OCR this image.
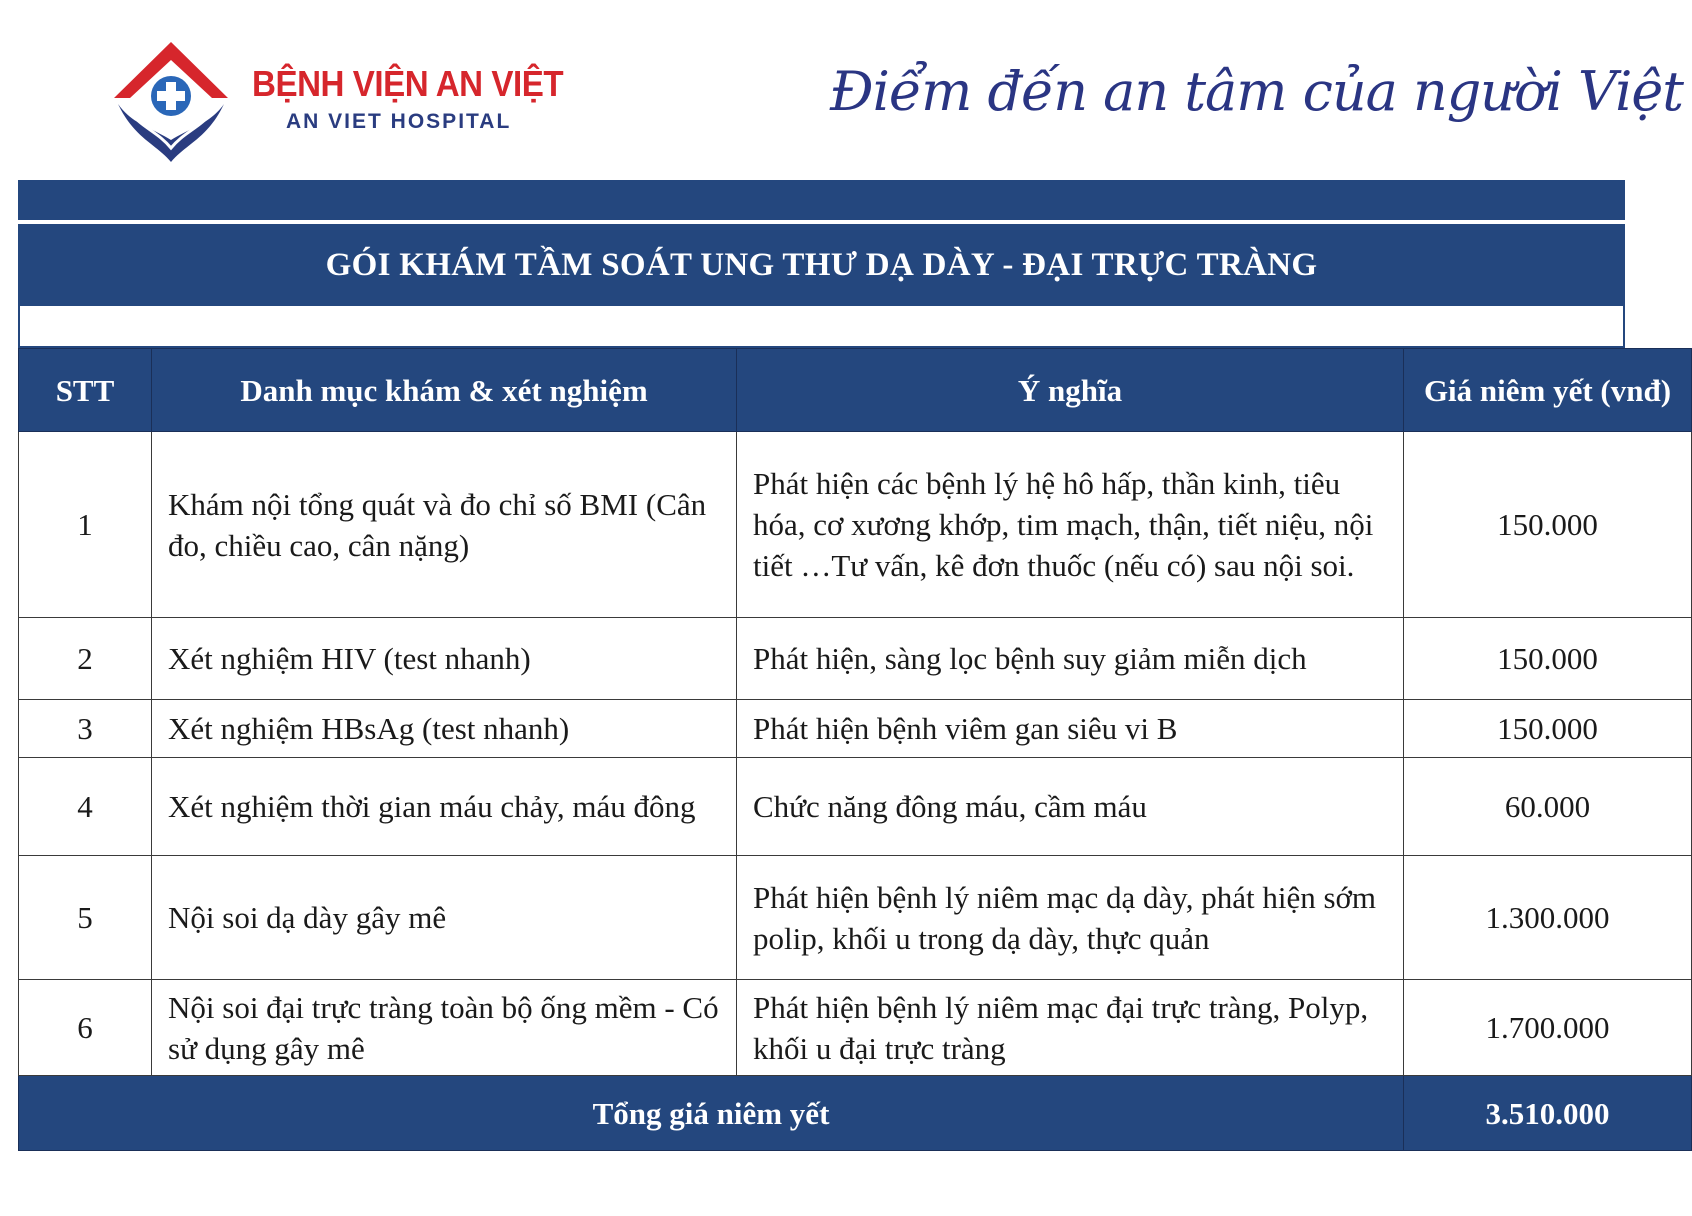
BỆNH VIỆN AN VIỆT
AN VIET HOSPITAL	Điểm đến an tâm của người Việt
GÓI KHÁM TẦM SOÁT UNG THƯ DẠ DÀY - ĐẠI TRỰC TRÀNG
STT	Danh mục khám & xét nghiệm	Ý nghĩa	Giá niêm yết (vnđ)
1	Khám nội tổng quát và đo chỉ số BMI (Cân đo, chiều cao, cân nặng)	Phát hiện các bệnh lý hệ hô hấp, thần kinh, tiêu hóa, cơ xương khớp, tim mạch, thận, tiết niệu, nội tiết …Tư vấn, kê đơn thuốc (nếu có) sau nội soi.	150.000
2	Xét nghiệm HIV (test nhanh)	Phát hiện, sàng lọc bệnh suy giảm miễn dịch	150.000
3	Xét nghiệm HBsAg (test nhanh)	Phát hiện bệnh viêm gan siêu vi B	150.000
4	Xét nghiệm thời gian máu chảy, máu đông	Chức năng đông máu, cầm máu	60.000
5	Nội soi dạ dày gây mê	Phát hiện bệnh lý niêm mạc dạ dày, phát hiện sớm polip, khối u trong dạ dày, thực quản	1.300.000
6	Nội soi đại trực tràng toàn bộ ống mềm - Có sử dụng gây mê	Phát hiện bệnh lý niêm mạc đại trực tràng, Polyp, khối u đại trực tràng	1.700.000
Tổng giá niêm yết			3.510.000
